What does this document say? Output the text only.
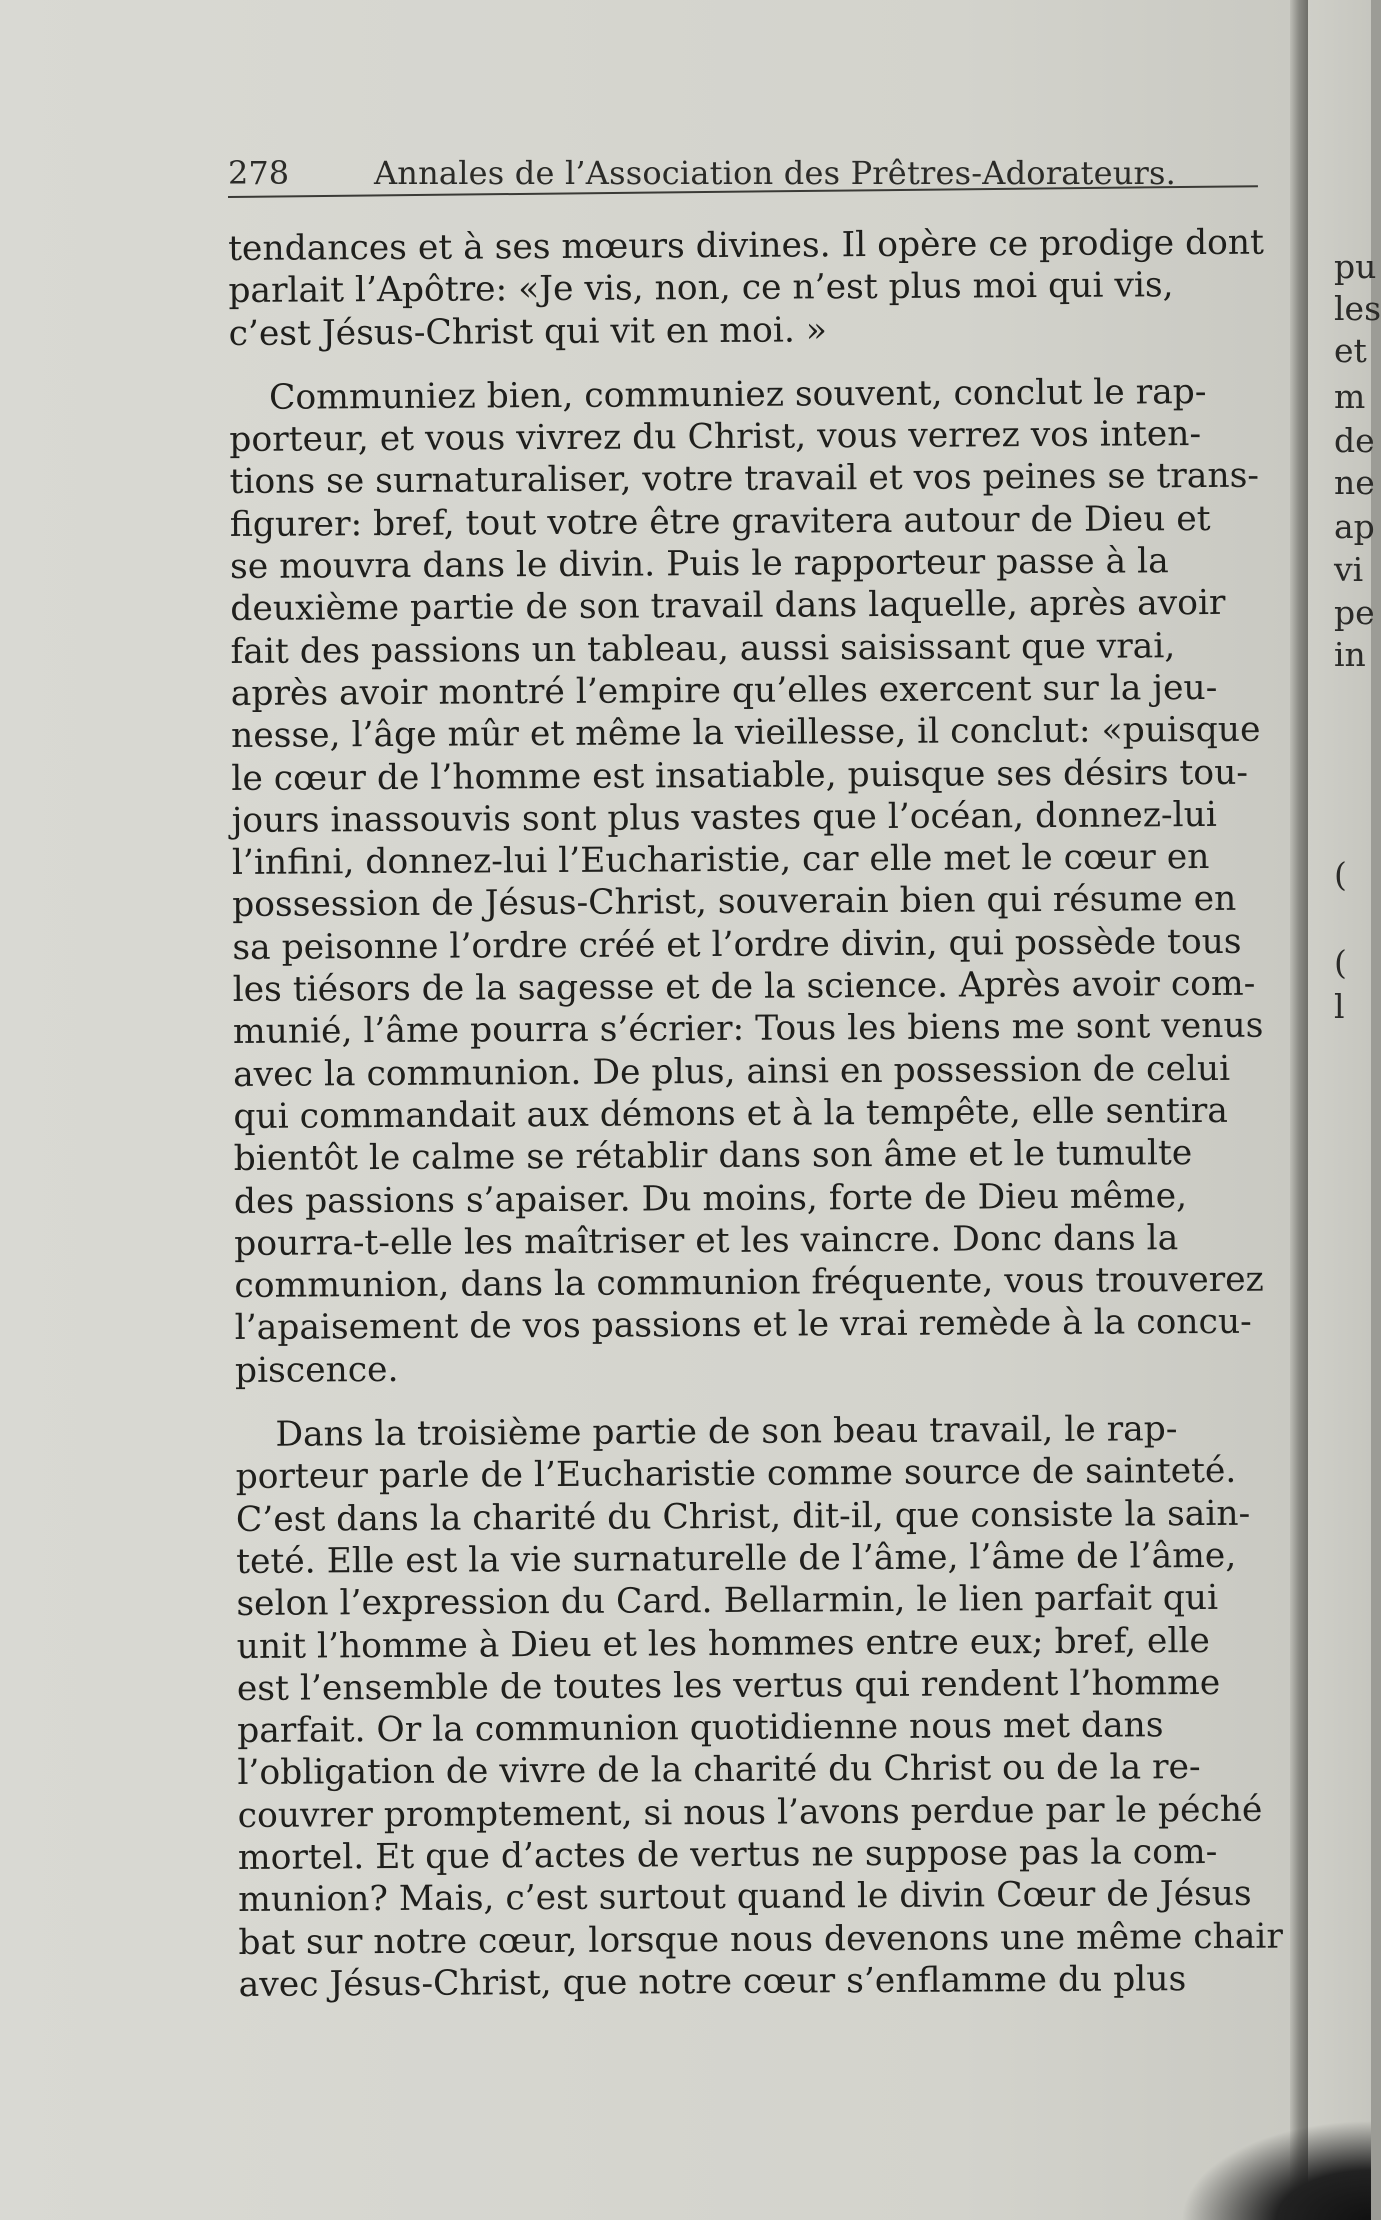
278	Annales de l’Association des Prêtres-Adorateurs.
tendances et à ses mœurs divines. Il opère ce prodige dont
parlait l’Apôtre: «Je vis, non, ce n’est plus moi qui vis,
c’est Jésus-Christ qui vit en moi. »
Communiez bien, communiez souvent, conclut le rap-
porteur, et vous vivrez du Christ, vous verrez vos inten-
tions se surnaturaliser, votre travail et vos peines se trans-
figurer: bref, tout votre être gravitera autour de Dieu et
se mouvra dans le divin. Puis le rapporteur passe à la
deuxième partie de son travail dans laquelle, après avoir
fait des passions un tableau, aussi saisissant que vrai,
après avoir montré l’empire qu’elles exercent sur la jeu-
nesse, l’âge mûr et même la vieillesse, il conclut: «puisque
le cœur de l’homme est insatiable, puisque ses désirs tou-
jours inassouvis sont plus vastes que l’océan, donnez-lui
l’infini, donnez-lui l’Eucharistie, car elle met le cœur en
possession de Jésus-Christ, souverain bien qui résume en
sa peisonne l’ordre créé et l’ordre divin, qui possède tous
les tiésors de la sagesse et de la science. Après avoir com-
munié, l’âme pourra s’écrier: Tous les biens me sont venus
avec la communion. De plus, ainsi en possession de celui
qui commandait aux démons et à la tempête, elle sentira
bientôt le calme se rétablir dans son âme et le tumulte
des passions s’apaiser. Du moins, forte de Dieu même,
pourra-t-elle les maîtriser et les vaincre. Donc dans la
communion, dans la communion fréquente, vous trouverez
l’apaisement de vos passions et le vrai remède à la concu-
piscence.
Dans la troisième partie de son beau travail, le rap-
porteur parle de l’Eucharistie comme source de sainteté.
C’est dans la charité du Christ, dit-il, que consiste la sain-
teté. Elle est la vie surnaturelle de l’âme, l’âme de l’âme,
selon l’expression du Card. Bellarmin, le lien parfait qui
unit l’homme à Dieu et les hommes entre eux; bref, elle
est l’ensemble de toutes les vertus qui rendent l’homme
parfait. Or la communion quotidienne nous met dans
l’obligation de vivre de la charité du Christ ou de la re-
couvrer promptement, si nous l’avons perdue par le péché
mortel. Et que d’actes de vertus ne suppose pas la com-
munion? Mais, c’est surtout quand le divin Cœur de Jésus
bat sur notre cœur, lorsque nous devenons une même chair
avec Jésus-Christ, que notre cœur s’enflamme du plus
pu
les
et
m
de
ne
ap
vi
pe
in
(
(
l
